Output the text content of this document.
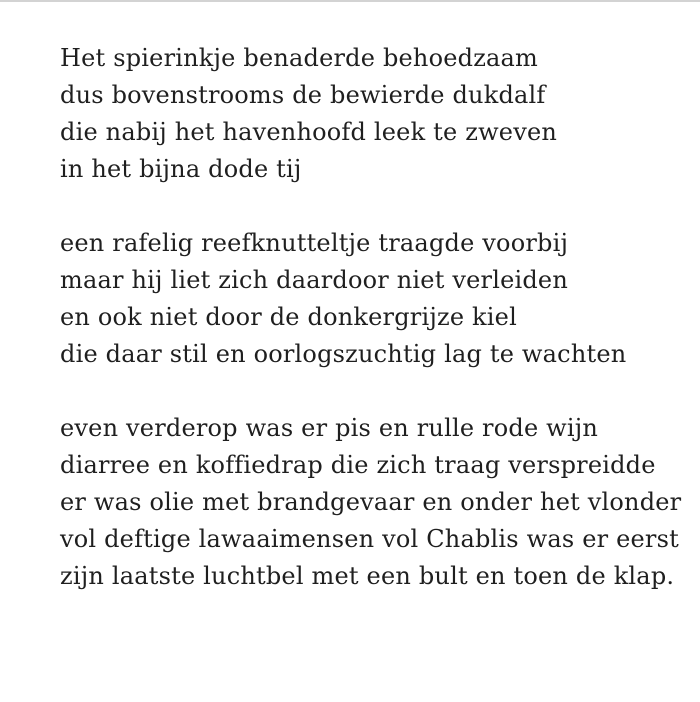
Het spierinkje benaderde behoedzaam
dus bovenstrooms de bewierde dukdalf
die nabij het havenhoofd leek te zweven
in het bijna dode tij
een rafelig reefknutteltje traagde voorbij
maar hij liet zich daardoor niet verleiden
en ook niet door de donkergrijze kiel
die daar stil en oorlogszuchtig lag te wachten
even verderop was er pis en rulle rode wijn
diarree en koffiedrap die zich traag verspreidde
er was olie met brandgevaar en onder het vlonder
vol deftige lawaaimensen vol Chablis was er eerst
zijn laatste luchtbel met een bult en toen de klap.
